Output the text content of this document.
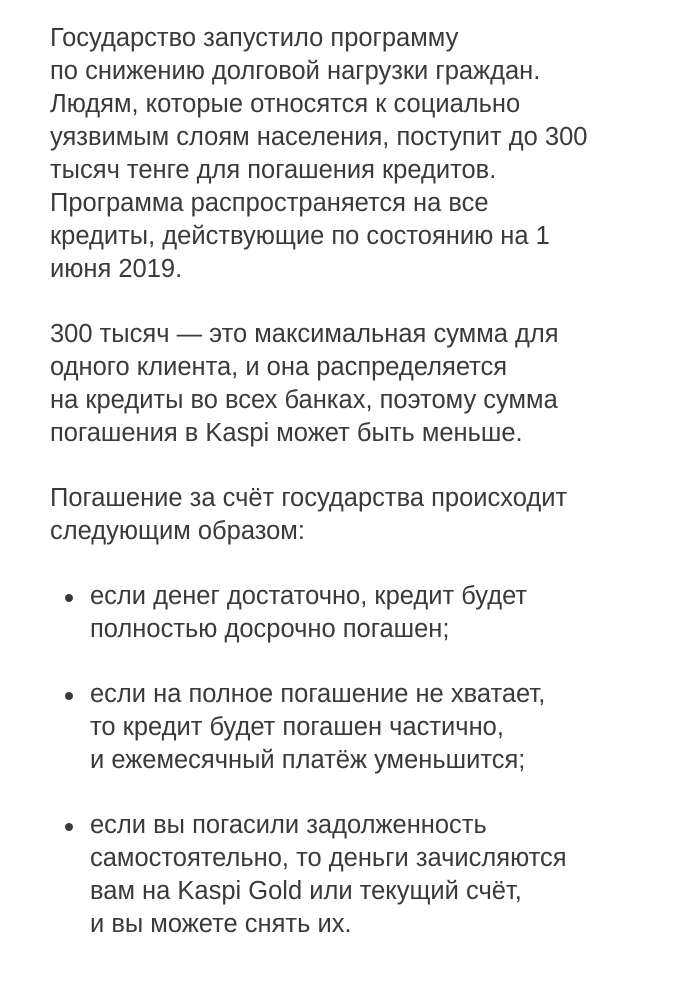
Государство запустило программу
по снижению долговой нагрузки граждан.
Людям, которые относятся к социально
уязвимым слоям населения, поступит до 300
тысяч тенге для погашения кредитов.
Программа распространяется на все
кредиты, действующие по состоянию на 1
июня 2019.

300 тысяч — это максимальная сумма для
одного клиента, и она распределяется
на кредиты во всех банках, поэтому сумма
погашения в Kaspi может быть меньше.

Погашение за счёт государства происходит
следующим образом:

если денег достаточно, кредит будет
полностью досрочно погашен;
если на полное погашение не хватает,
то кредит будет погашен частично,
и ежемесячный платёж уменьшится;
если вы погасили задолженность
самостоятельно, то деньги зачисляются
вам на Kaspi Gold или текущий счёт,
и вы можете снять их.
